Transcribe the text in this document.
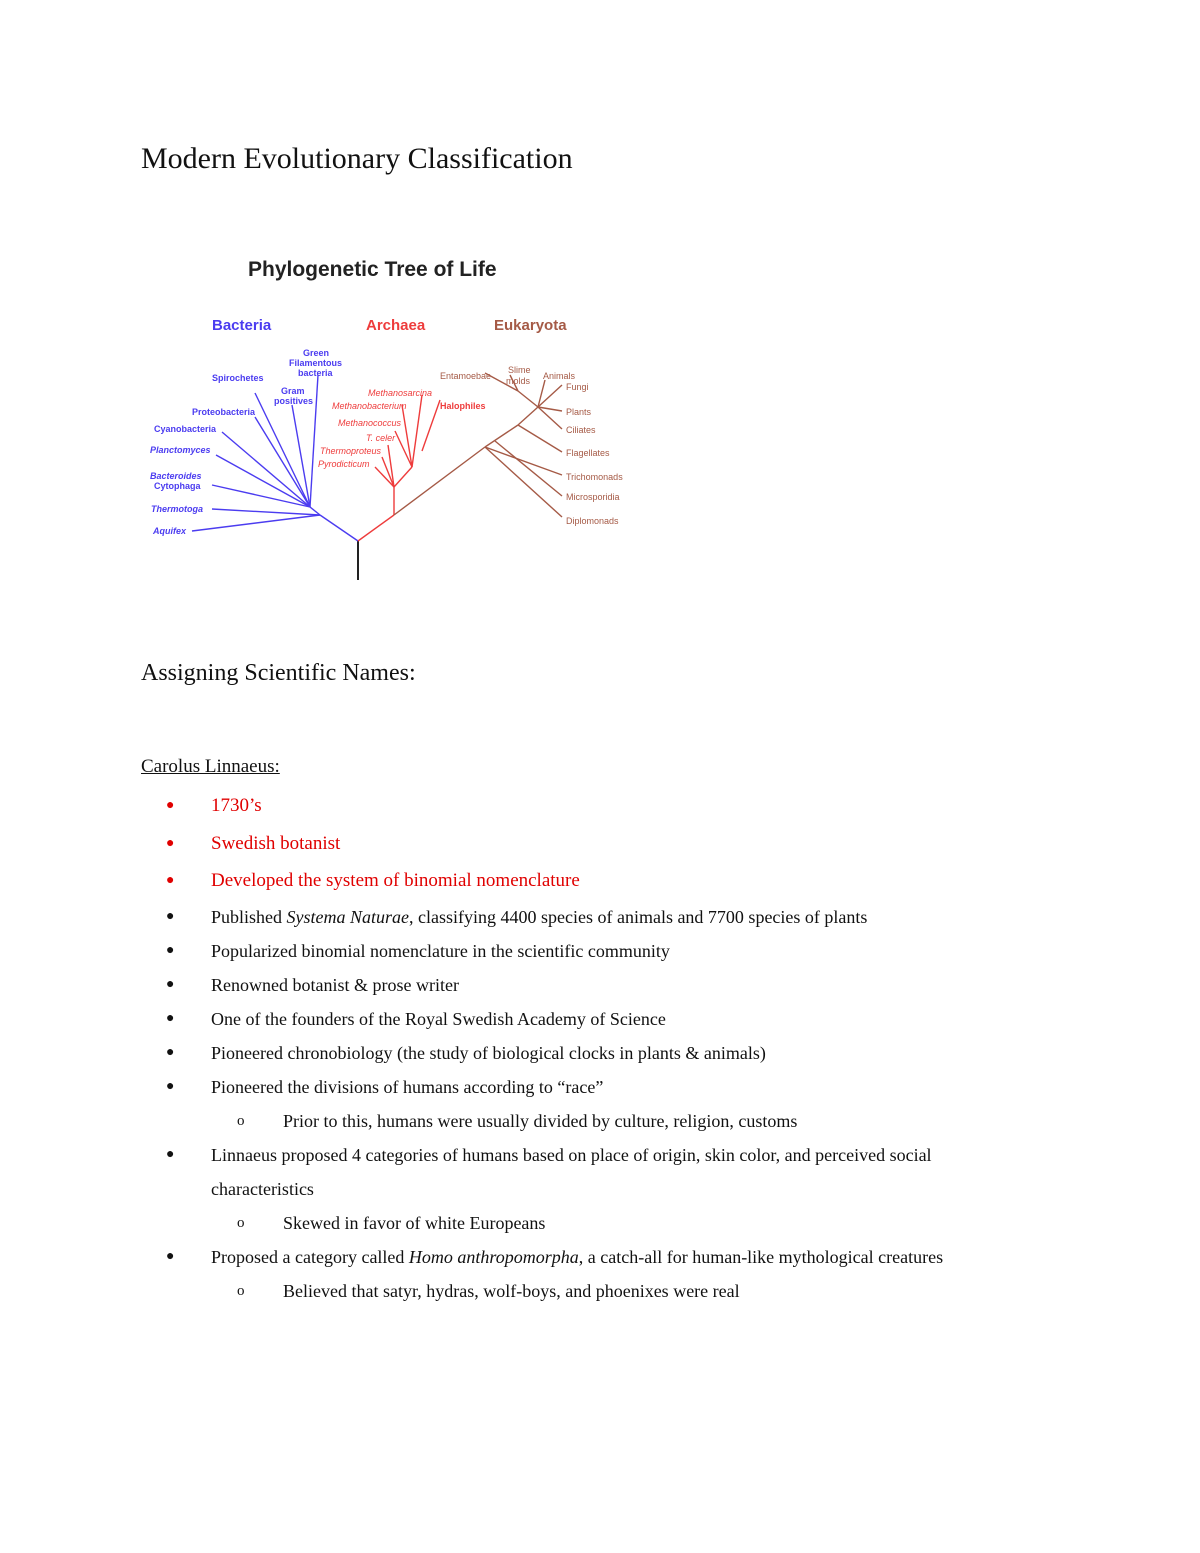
Modern Evolutionary Classification
Phylogenetic Tree of Life
Bacteria	Archaea	Eukaryota
Green
Filamentous
bacteria
Spirochetes
Gram
positives
Proteobacteria
Cyanobacteria
Planctomyces
Bacteroides
Cytophaga
Thermotoga
Aquifex
Methanosarcina
Methanobacterium	Halophiles
Methanococcus
T. celer
Thermoproteus
Pyrodicticum
Entamoebae
Slime
molds Animals
Fungi
Plants
Ciliates
Flagellates
Trichomonads
Microsporidia
Diplomonads
Assigning Scientific Names:
Carolus Linnaeus:
● 1730’s
● Swedish botanist
● Developed the system of binomial nomenclature
● Published Systema Naturae, classifying 4400 species of animals and 7700 species of plants
● Popularized binomial nomenclature in the scientific community
● Renowned botanist & prose writer
● One of the founders of the Royal Swedish Academy of Science
● Pioneered chronobiology (the study of biological clocks in plants & animals)
● Pioneered the divisions of humans according to “race”
o Prior to this, humans were usually divided by culture, religion, customs
● Linnaeus proposed 4 categories of humans based on place of origin, skin color, and perceived social
characteristics
o Skewed in favor of white Europeans
● Proposed a category called Homo anthropomorpha, a catch-all for human-like mythological creatures
o Believed that satyr, hydras, wolf-boys, and phoenixes were real
